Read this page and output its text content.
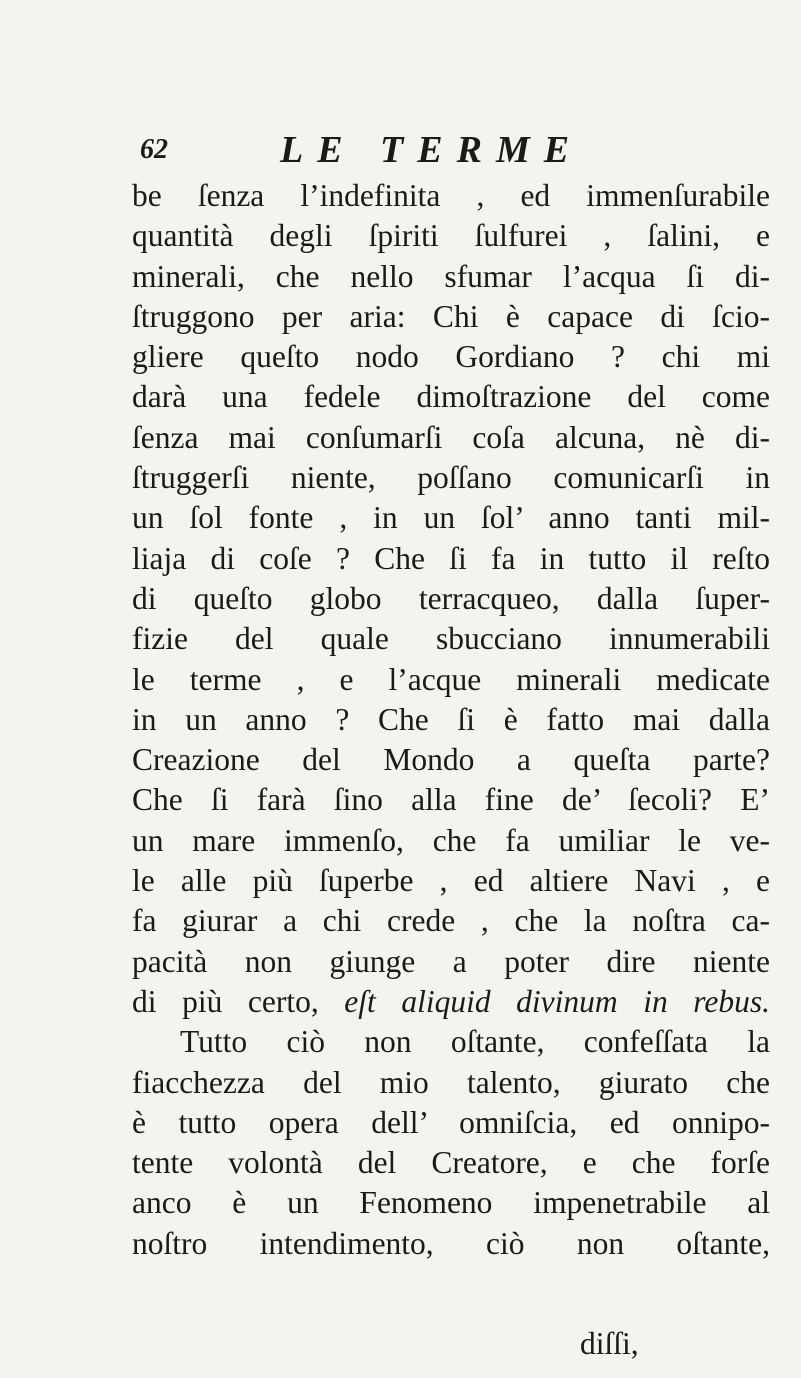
62	LE TERME
be ſenza l’indefinita , ed immenſurabile
quantità degli ſpiriti ſulfurei , ſalini, e
minerali, che nello sfumar l’acqua ſi di-
ſtruggono per aria: Chi è capace di ſcio-
gliere queſto nodo Gordiano ? chi mi
darà una fedele dimoſtrazione del come
ſenza mai conſumarſi coſa alcuna, nè di-
ſtruggerſi niente, poſſano comunicarſi in
un ſol fonte , in un ſol’ anno tanti mil-
liaja di coſe ? Che ſi fa in tutto il reſto
di queſto globo terracqueo, dalla ſuper-
fizie del quale sbucciano innumerabili
le terme , e l’acque minerali medicate
in un anno ? Che ſi è fatto mai dalla
Creazione del Mondo a queſta parte?
Che ſi farà ſino alla fine de’ ſecoli? E’
un mare immenſo, che fa umiliar le ve-
le alle più ſuperbe , ed altiere Navi , e
fa giurar a chi crede , che la noſtra ca-
pacità non giunge a poter dire niente
di più certo, eſt aliquid divinum in rebus.
Tutto ciò non oſtante, confeſſata la
fiacchezza del mio talento, giurato che
è tutto opera dell’ omniſcia, ed onnipo-
tente volontà del Creatore, e che forſe
anco è un Fenomeno impenetrabile al
noſtro intendimento, ciò non oſtante,
diſſi,
